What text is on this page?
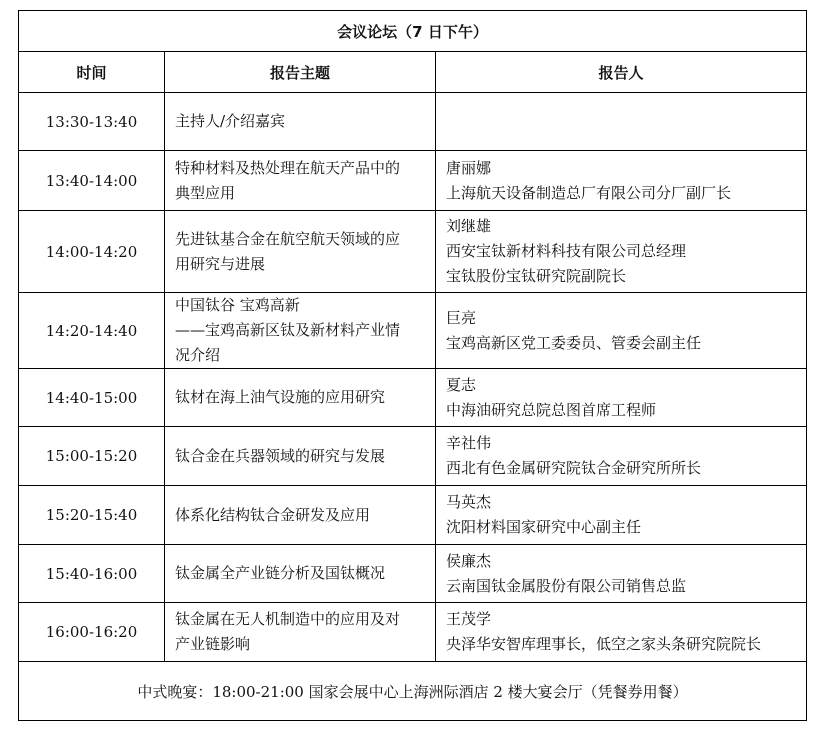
会议论坛（7 日下午）		
时间	报告主题	报告人
13:30-13:40	主持人/介绍嘉宾	

13:40-14:00	特种材料及热处理在航天产品中的
典型应用	唐丽娜
上海航天设备制造总厂有限公司分厂副厂长

14:00-14:20	先进钛基合金在航空航天领域的应
用研究与进展	刘继雄
西安宝钛新材料科技有限公司总经理
宝钛股份宝钛研究院副院长

14:20-14:40	中国钛谷 宝鸡高新
——宝鸡高新区钛及新材料产业情
况介绍	巨亮
宝鸡高新区党工委委员、管委会副主任

14:40-15:00	钛材在海上油气设施的应用研究	夏志
中海油研究总院总图首席工程师

15:00-15:20	钛合金在兵器领域的研究与发展	辛社伟
西北有色金属研究院钛合金研究所所长

15:20-15:40	体系化结构钛合金研发及应用	马英杰
沈阳材料国家研究中心副主任

15:40-16:00	钛金属全产业链分析及国钛概况	侯廉杰
云南国钛金属股份有限公司销售总监

16:00-16:20	钛金属在无人机制造中的应用及对
产业链影响	王茂学
央泽华安智库理事长，低空之家头条研究院院长

中式晚宴：18:00-21:00 国家会展中心上海洲际酒店 2 楼大宴会厅（凭餐券用餐）		
